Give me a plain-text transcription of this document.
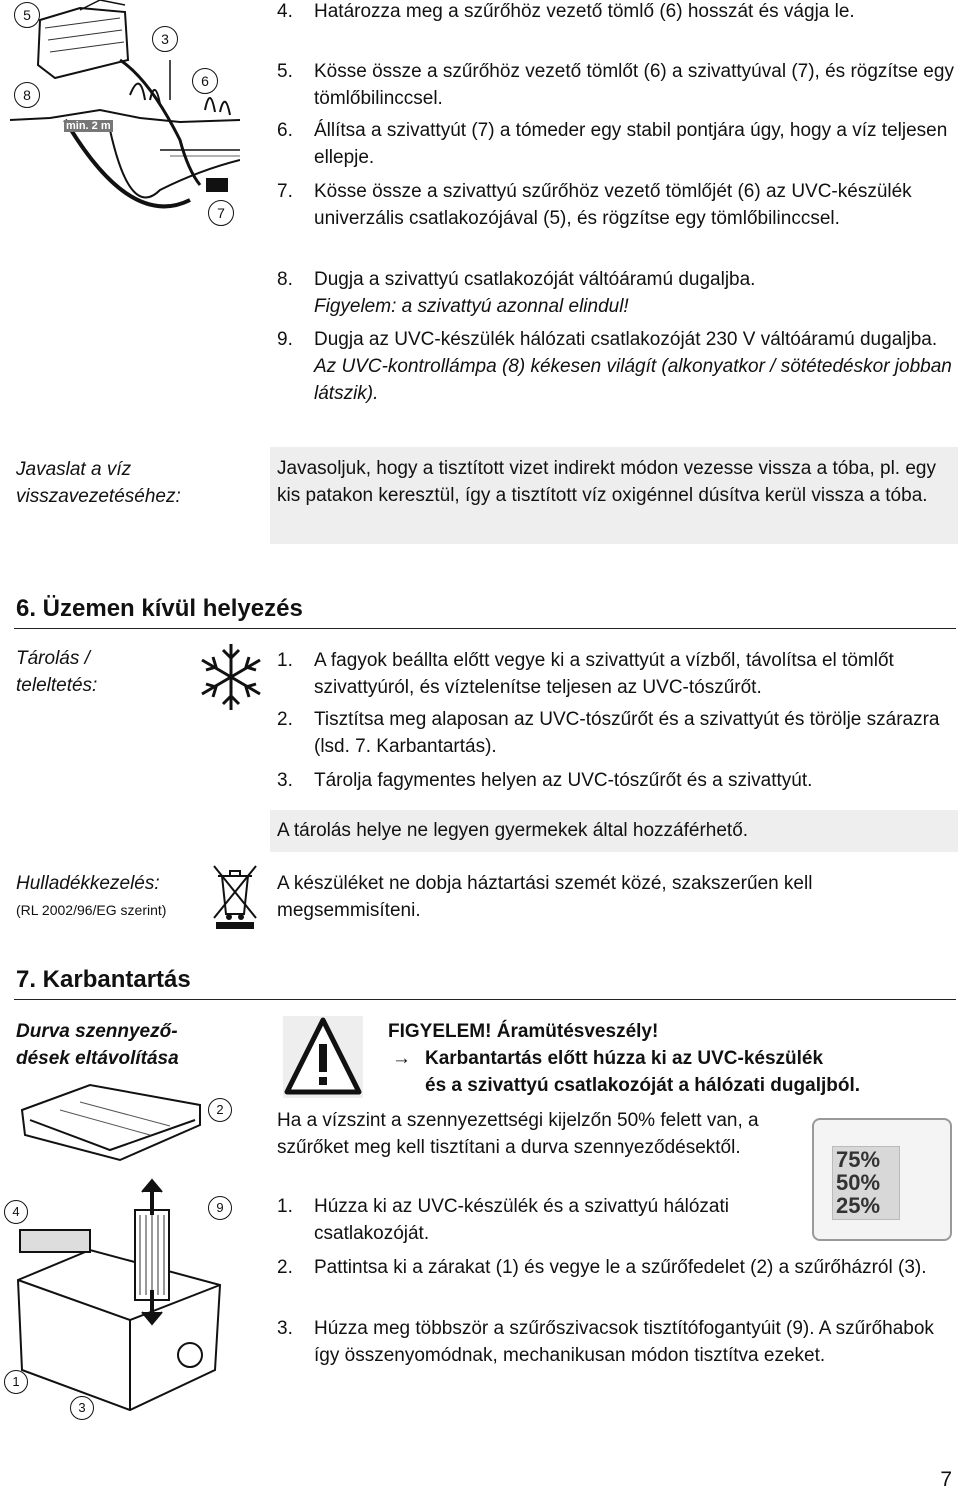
5
3
6
8
7
min. 2 m
4. Határozza meg a szűrőhöz vezető tömlő (6) hosszát és vágja le.
5. Kösse össze a szűrőhöz vezető tömlőt (6) a szivattyúval (7), és rögzítse egy tömlőbilinccsel.
6. Állítsa a szivattyút (7) a tómeder egy stabil pontjára úgy, hogy a víz teljesen ellepje.
7. Kösse össze a szivattyú szűrőhöz vezető tömlőjét (6) az UVC-készülék univerzális csatlakozójával (5), és rögzítse egy tömlőbilinccsel.
8. Dugja a szivattyú csatlakozóját váltóáramú dugaljba.
Figyelem: a szivattyú azonnal elindul!
9. Dugja az UVC-készülék hálózati csatlakozóját 230 V váltóáramú dugaljba.
Az UVC-kontrollámpa (8) kékesen világít (alkonyatkor / sötétedéskor jobban látszik).
Javaslat a víz visszavezetéséhez:
Javasoljuk, hogy a tisztított vizet indirekt módon vezesse vissza a tóba, pl. egy kis patakon keresztül, így a tisztított víz oxigénnel dúsítva kerül vissza a tóba.
6. Üzemen kívül helyezés
Tárolás / teleltetés:
1. A fagyok beállta előtt vegye ki a szivattyút a vízből, távolítsa el tömlőt szivattyúról, és víztelenítse teljesen az UVC-tószűrőt.
2. Tisztítsa meg alaposan az UVC-tószűrőt és a szivattyút és törölje szárazra (lsd. 7. Karbantartás).
3. Tárolja fagymentes helyen az UVC-tószűrőt és a szivattyút.
A tárolás helye ne legyen gyermekek által hozzáférhető.
Hulladékkezelés:
(RL 2002/96/EG szerint)
A készüléket ne dobja háztartási szemét közé, szakszerűen kell megsemmisíteni.
7. Karbantartás
Durva szennyező-dések eltávolítása
FIGYELEM! Áramütésveszély!
→ Karbantartás előtt húzza ki az UVC-készülék
és a szivattyú csatlakozóját a hálózati dugaljból.
Ha a vízszint a szennyezettségi kijelzőn 50% felett van, a szűrőket meg kell tisztítani a durva szennyeződésektől.	75%
50%
25%
2
4	9
1
3
1. Húzza ki az UVC-készülék és a szivattyú hálózati csatlakozóját.
2. Pattintsa ki a zárakat (1) és vegye le a szűrőfedelet (2) a szűrőházról (3).
3. Húzza meg többször a szűrőszivacsok tisztítófogantyúit (9). A szűrőhabok így összenyomódnak, mechanikusan módon tisztítva ezeket.
7
